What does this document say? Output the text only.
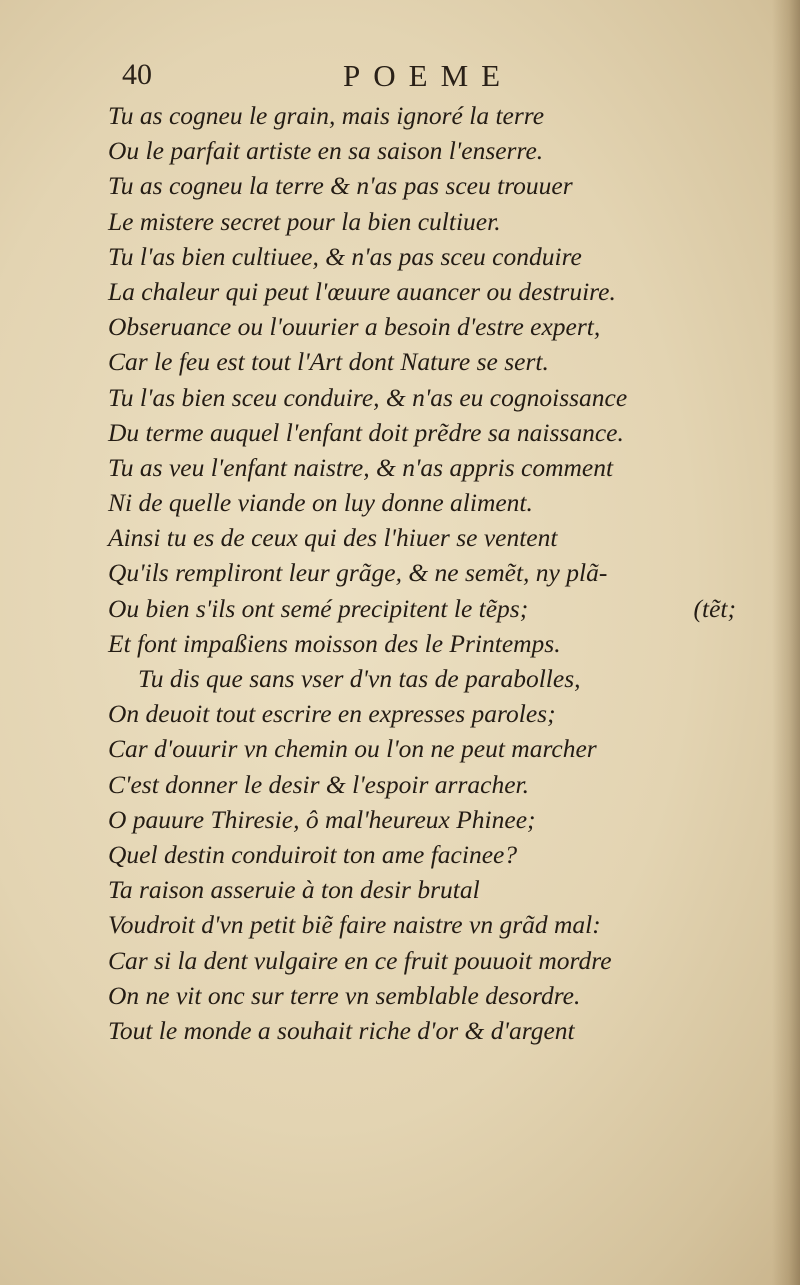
40	POEME
Tu as cogneu le grain, mais ignoré la terre
Ou le parfait artiste en sa saison l'enserre.
Tu as cogneu la terre & n'as pas sceu trouuer
Le mistere secret pour la bien cultiuer.
Tu l'as bien cultiuee, & n'as pas sceu conduire
La chaleur qui peut l'œuure auancer ou destruire.
Obseruance ou l'ouurier a besoin d'estre expert,
Car le feu est tout l'Art dont Nature se sert.
Tu l'as bien sceu conduire, & n'as eu cognoissance
Du terme auquel l'enfant doit prẽdre sa naissance.
Tu as veu l'enfant naistre, & n'as appris comment
Ni de quelle viande on luy donne aliment.
Ainsi tu es de ceux qui des l'hiuer se ventent
Qu'ils rempliront leur grãge, & ne semẽt, ny plã-
Ou bien s'ils ont semé precipitent le tẽps;	(tẽt;
Et font impaßiens moisson des le Printemps.
Tu dis que sans vser d'vn tas de parabolles,
On deuoit tout escrire en expresses paroles;
Car d'ouurir vn chemin ou l'on ne peut marcher
C'est donner le desir & l'espoir arracher.
O pauure Thiresie, ô mal'heureux Phinee;
Quel destin conduiroit ton ame facinee?
Ta raison asseruie à ton desir brutal
Voudroit d'vn petit biẽ faire naistre vn grãd mal:
Car si la dent vulgaire en ce fruit pouuoit mordre
On ne vit onc sur terre vn semblable desordre.
Tout le monde a souhait riche d'or & d'argent
